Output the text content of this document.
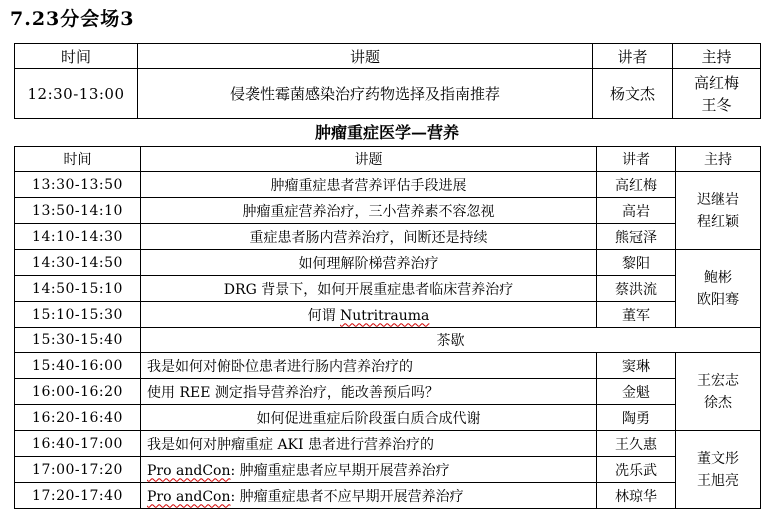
7.23分会场3
时间	讲题	讲者	主持
12:30-13:00	侵袭性霉菌感染治疗药物选择及指南推荐	杨文杰	高红梅
王冬
肿瘤重症医学—营养
时间	讲题	讲者	主持
13:30-13:50	肿瘤重症患者营养评估手段进展	高红梅	迟继岩
程红颖

13:50-14:10	肿瘤重症营养治疗，三小营养素不容忽视	高岩	
14:10-14:30	重症患者肠内营养治疗，间断还是持续	熊冠泽	
14:30-14:50	如何理解阶梯营养治疗	黎阳	鲍彬
欧阳骞

14:50-15:10	DRG 背景下，如何开展重症患者临床营养治疗	蔡洪流	
15:10-15:30	何谓 Nutritrauma	董军	
15:30-15:40	茶歇		
15:40-16:00	我是如何对俯卧位患者进行肠内营养治疗的	窦琳	王宏志
徐杰

16:00-16:20	使用 REE 测定指导营养治疗，能改善预后吗？	金魁	
16:20-16:40	如何促进重症后阶段蛋白质合成代谢	陶勇	
16:40-17:00	我是如何对肿瘤重症 AKI 患者进行营养治疗的	王久惠	董文彤
王旭亮

17:00-17:20	Pro andCon: 肿瘤重症患者应早期开展营养治疗	冼乐武	
17:20-17:40	Pro andCon: 肿瘤重症患者不应早期开展营养治疗	林琼华	
